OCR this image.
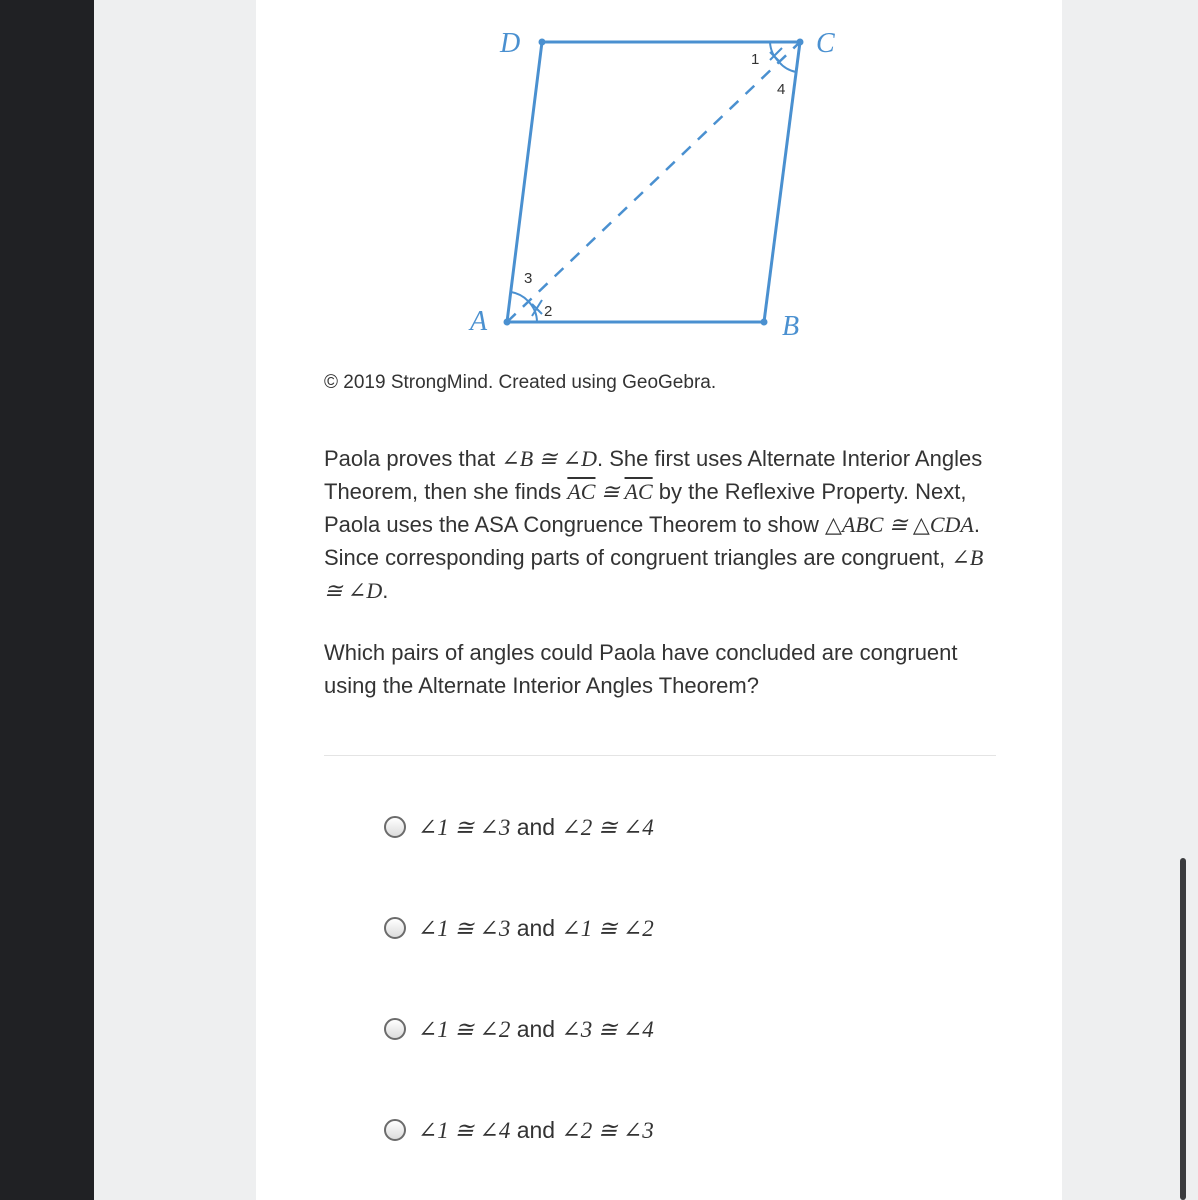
D	C
A	B
1
4
3
2
© 2019 StrongMind. Created using GeoGebra.
Paola proves that ∠B ≅ ∠D. She first uses Alternate Interior Angles Theorem, then she finds $\overline{AC}$ ≅ $\overline{AC}$ by the Reflexive Property. Next, Paola uses the ASA Congruence Theorem to show △ABC ≅ △CDA. Since corresponding parts of congruent triangles are congruent, ∠B ≅ ∠D.
Which pairs of angles could Paola have concluded are congruent using the Alternate Interior Angles Theorem?
∠1 ≅ ∠3 and ∠2 ≅ ∠4
∠1 ≅ ∠3 and ∠1 ≅ ∠2
∠1 ≅ ∠2 and ∠3 ≅ ∠4
∠1 ≅ ∠4 and ∠2 ≅ ∠3
